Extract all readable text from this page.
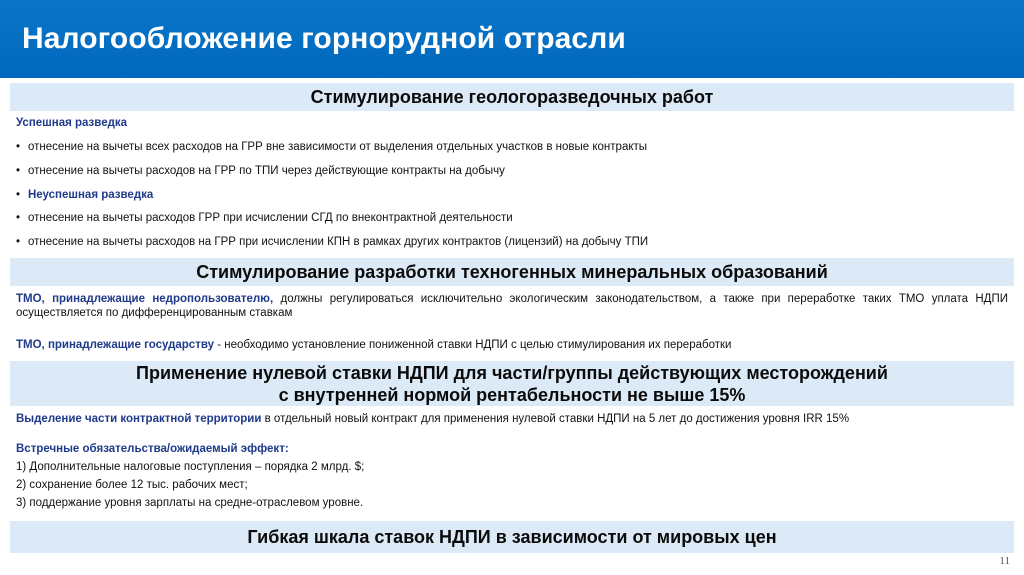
Налогообложение горнорудной отрасли
Стимулирование геологоразведочных работ
Успешная разведка
• отнесение на вычеты всех расходов на ГРР вне зависимости от выделения отдельных участков в новые контракты
• отнесение на вычеты расходов на ГРР по ТПИ через действующие контракты на добычу
• Неуспешная разведка
• отнесение на вычеты расходов ГРР при исчислении СГД по внеконтрактной деятельности
• отнесение на вычеты расходов на ГРР при исчислении КПН в рамках других контрактов (лицензий) на добычу ТПИ
Стимулирование разработки техногенных минеральных образований
ТМО, принадлежащие недропользователю, должны регулироваться исключительно экологическим законодательством, а также при переработке таких ТМО уплата НДПИ осуществляется по дифференцированным ставкам
ТМО, принадлежащие государству - необходимо установление пониженной ставки НДПИ с целью стимулирования их переработки
Применение нулевой ставки НДПИ для части/группы действующих месторождений
с внутренней нормой рентабельности не выше 15%
Выделение части контрактной территории в отдельный новый контракт для применения нулевой ставки НДПИ на 5 лет до достижения уровня IRR 15%
Встречные обязательства/ожидаемый эффект:
1) Дополнительные налоговые поступления – порядка 2 млрд. $;
2) сохранение более 12 тыс. рабочих мест;
3) поддержание уровня зарплаты на средне-отраслевом уровне.
Гибкая шкала ставок НДПИ в зависимости от мировых цен
11
